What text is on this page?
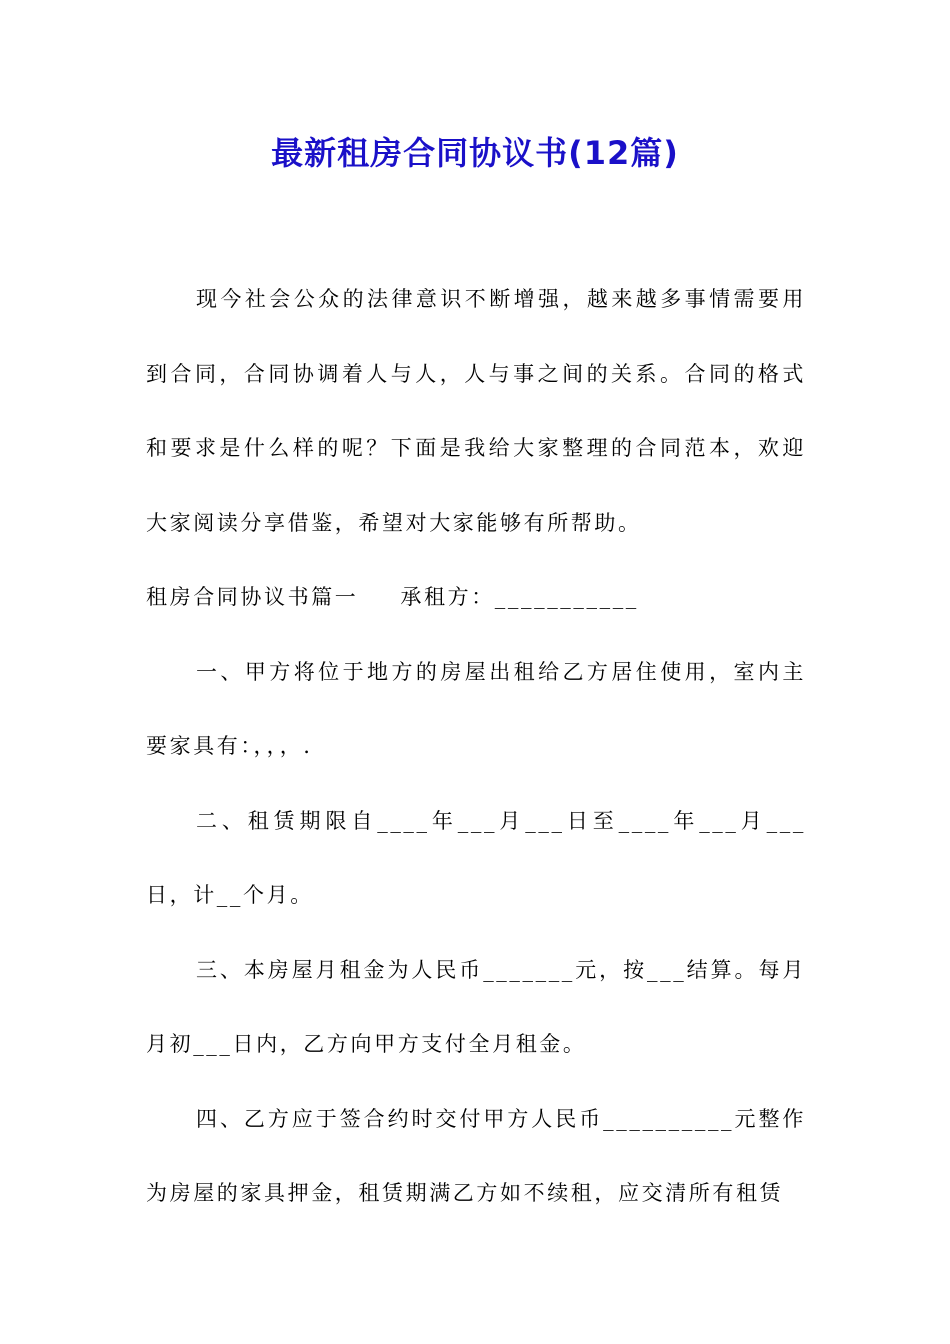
最新租房合同协议书(12篇)

现今社会公众的法律意识不断增强，越来越多事情需要用到合同，合同协调着人与人，人与事之间的关系。合同的格式和要求是什么样的呢？下面是我给大家整理的合同范本，欢迎大家阅读分享借鉴，希望对大家能够有所帮助。

租房合同协议书篇一 承租方：___________

一、甲方将位于地方的房屋出租给乙方居住使用，室内主要家具有：，，，.

二、租赁期限自____年___月___日至____年___月___日，计__个月。

三、本房屋月租金为人民币_______元，按___结算。每月月初___日内，乙方向甲方支付全月租金。

四、乙方应于签合约时交付甲方人民币__________元整作为房屋的家具押金，租赁期满乙方如不续租，应交清所有租赁
